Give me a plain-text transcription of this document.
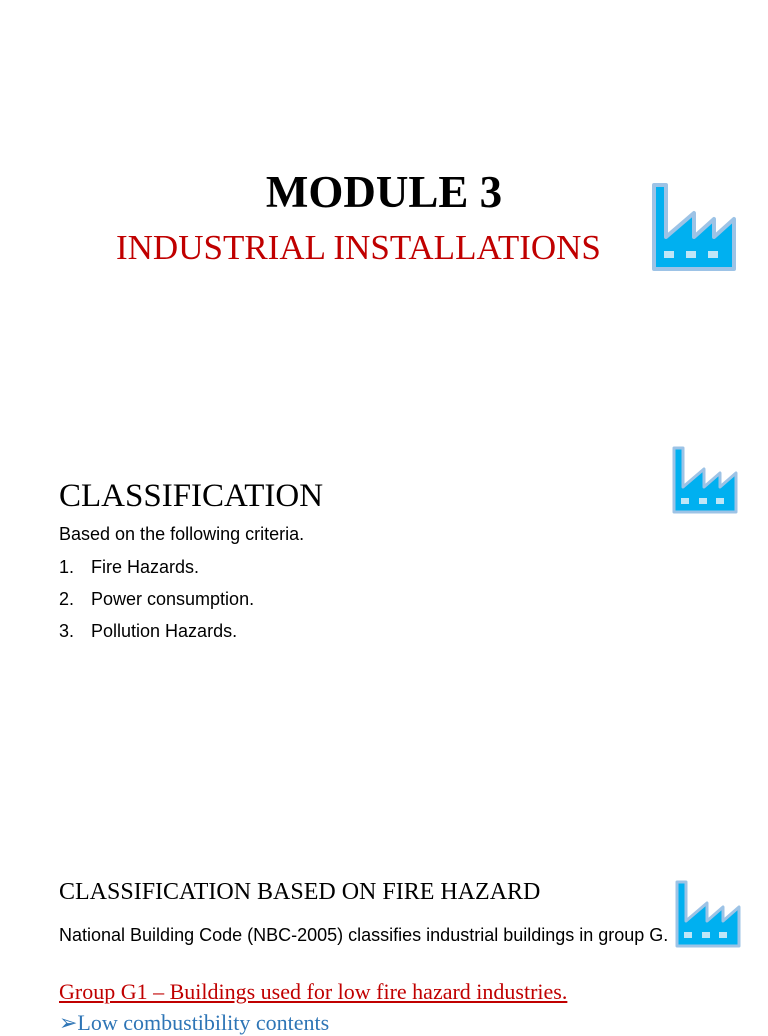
MODULE 3
INDUSTRIAL INSTALLATIONS
CLASSIFICATION
Based on the following criteria.
1. Fire Hazards.
2. Power consumption.
3. Pollution Hazards.
CLASSIFICATION BASED ON FIRE HAZARD
National Building Code (NBC-2005) classifies industrial buildings in group G.
Group G1 – Buildings used for low fire hazard industries.
➢Low combustibility contents
